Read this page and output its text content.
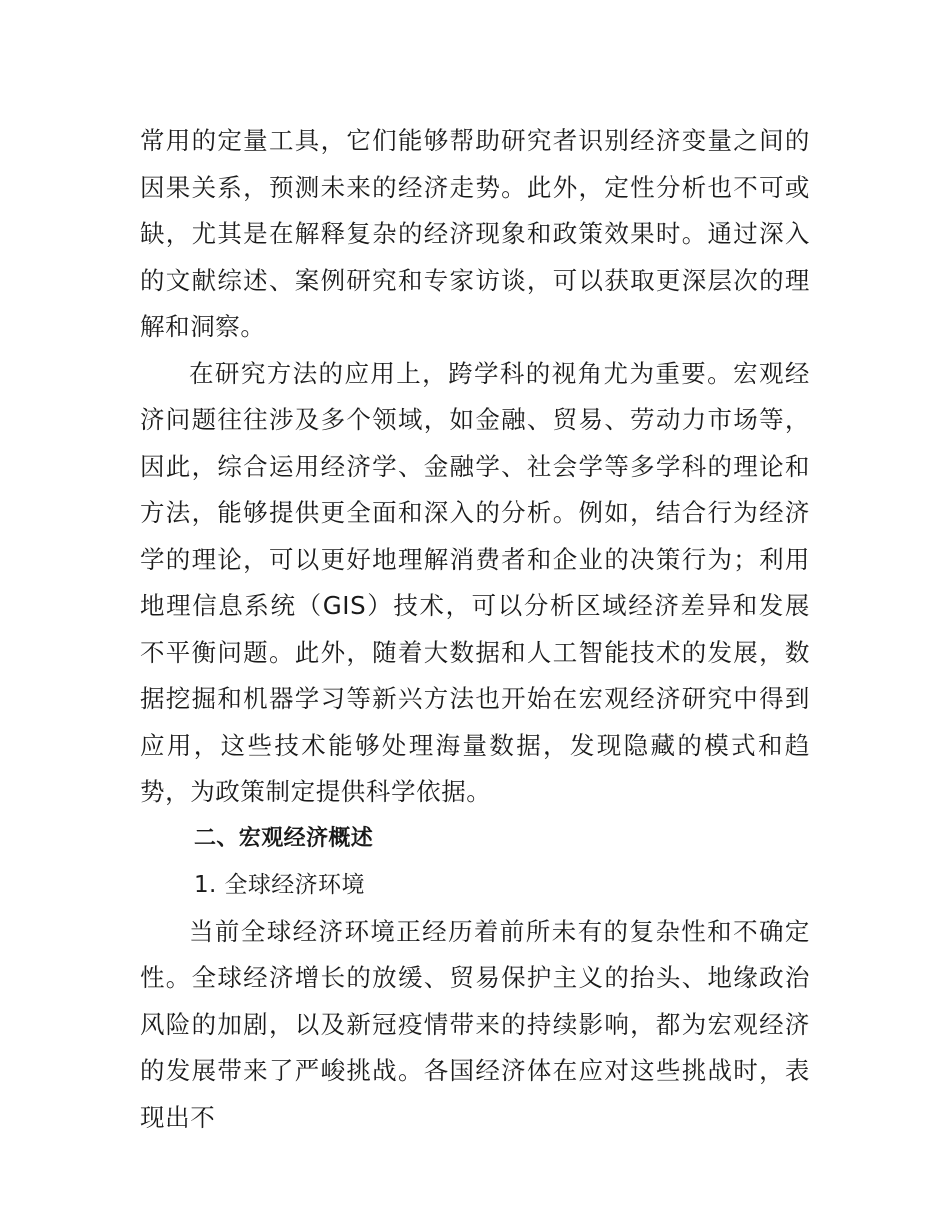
常用的定量工具，它们能够帮助研究者识别经济变量之间的因果关系，预测未来的经济走势。此外，定性分析也不可或缺，尤其是在解释复杂的经济现象和政策效果时。通过深入的文献综述、案例研究和专家访谈，可以获取更深层次的理解和洞察。

在研究方法的应用上，跨学科的视角尤为重要。宏观经济问题往往涉及多个领域，如金融、贸易、劳动力市场等，因此，综合运用经济学、金融学、社会学等多学科的理论和方法，能够提供更全面和深入的分析。例如，结合行为经济学的理论，可以更好地理解消费者和企业的决策行为；利用地理信息系统（GIS）技术，可以分析区域经济差异和发展不平衡问题。此外，随着大数据和人工智能技术的发展，数据挖掘和机器学习等新兴方法也开始在宏观经济研究中得到应用，这些技术能够处理海量数据，发现隐藏的模式和趋势，为政策制定提供科学依据。

二、宏观经济概述

1. 全球经济环境

当前全球经济环境正经历着前所未有的复杂性和不确定性。全球经济增长的放缓、贸易保护主义的抬头、地缘政治风险的加剧，以及新冠疫情带来的持续影响，都为宏观经济的发展带来了严峻挑战。各国经济体在应对这些挑战时，表现出不
